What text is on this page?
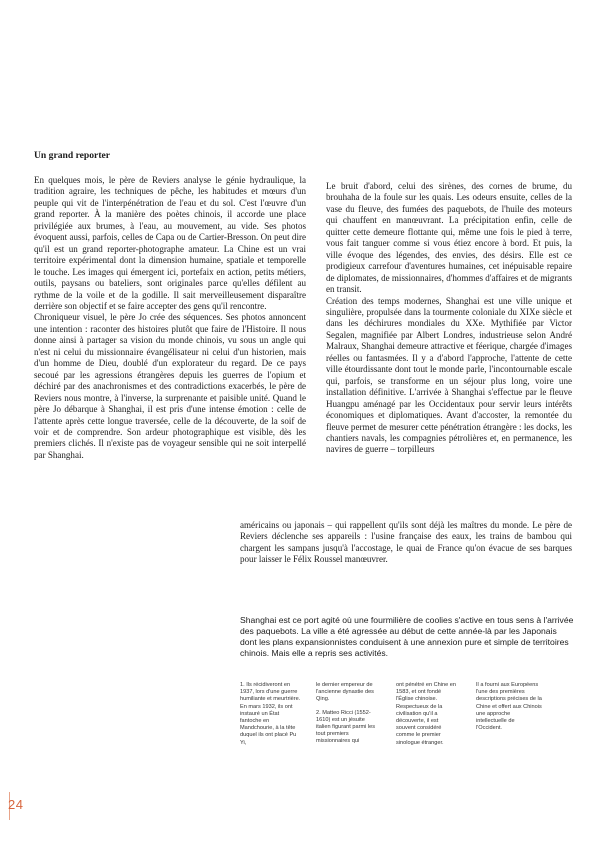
Un grand reporter

En quelques mois, le père de Reviers analyse le génie hydraulique, la tradition agraire, les techniques de pêche, les habitudes et mœurs d'un peuple qui vit de l'interpénétration de l'eau et du sol. C'est l'œuvre d'un grand reporter. À la manière des poètes chinois, il accorde une place privilégiée aux brumes, à l'eau, au mouvement, au vide. Ses photos évoquent aussi, parfois, celles de Capa ou de Cartier-Bresson. On peut dire qu'il est un grand reporter-photographe amateur. La Chine est un vrai territoire expérimental dont la dimension humaine, spatiale et temporelle le touche. Les images qui émergent ici, portefaix en action, petits métiers, outils, paysans ou bateliers, sont originales parce qu'elles défilent au rythme de la voile et de la godille. Il sait merveilleusement disparaître derrière son objectif et se faire accepter des gens qu'il rencontre.

Chroniqueur visuel, le père Jo crée des séquences. Ses photos annoncent une intention : raconter des histoires plutôt que faire de l'Histoire. Il nous donne ainsi à partager sa vision du monde chinois, vu sous un angle qui n'est ni celui du missionnaire évangélisateur ni celui d'un historien, mais d'un homme de Dieu, doublé d'un explorateur du regard. De ce pays secoué par les agressions étrangères depuis les guerres de l'opium et déchiré par des anachronismes et des contradictions exacerbés, le père de Reviers nous montre, à l'inverse, la surprenante et paisible unité. Quand le père Jo débarque à Shanghai, il est pris d'une intense émotion : celle de l'attente après cette longue traversée, celle de la découverte, de la soif de voir et de comprendre. Son ardeur photographique est visible, dès les premiers clichés. Il n'existe pas de voyageur sensible qui ne soit interpellé par Shanghai.

Le bruit d'abord, celui des sirènes, des cornes de brume, du brouhaha de la foule sur les quais. Les odeurs ensuite, celles de la vase du fleuve, des fumées des paquebots, de l'huile des moteurs qui chauffent en manœuvrant. La précipitation enfin, celle de quitter cette demeure flottante qui, même une fois le pied à terre, vous fait tanguer comme si vous étiez encore à bord. Et puis, la ville évoque des légendes, des envies, des désirs. Elle est ce prodigieux carrefour d'aventures humaines, cet inépuisable repaire de diplomates, de missionnaires, d'hommes d'affaires et de migrants en transit.

Création des temps modernes, Shanghai est une ville unique et singulière, propulsée dans la tourmente coloniale du XIXe siècle et dans les déchirures mondiales du XXe. Mythifiée par Victor Segalen, magnifiée par Albert Londres, industrieuse selon André Malraux, Shanghai demeure attractive et féerique, chargée d'images réelles ou fantasmées. Il y a d'abord l'approche, l'attente de cette ville étourdissante dont tout le monde parle, l'incontournable escale qui, parfois, se transforme en un séjour plus long, voire une installation définitive. L'arrivée à Shanghai s'effectue par le fleuve Huangpu aménagé par les Occidentaux pour servir leurs intérêts économiques et diplomatiques. Avant d'accoster, la remontée du fleuve permet de mesurer cette pénétration étrangère : les docks, les chantiers navals, les compagnies pétrolières et, en permanence, les navires de guerre – torpilleurs

américains ou japonais – qui rappellent qu'ils sont déjà les maîtres du monde. Le père de Reviers déclenche ses appareils : l'usine française des eaux, les trains de bambou qui chargent les sampans jusqu'à l'accostage, le quai de France qu'on évacue de ses barques pour laisser le Félix Roussel manœuvrer.

Shanghai est ce port agité où une fourmilière de coolies s'active en tous sens à l'arrivée des paquebots. La ville a été agressée au début de cette année-là par les Japonais dont les plans expansionnistes conduisent à une annexion pure et simple de territoires chinois. Mais elle a repris ses activités.

1. Ils récidiveront en 1937, lors d'une guerre humiliante et meurtrière.

En mars 1932, ils ont instauré un État fantoche en Mandchourie, à la tête duquel ils ont placé Pu Yi,

le dernier empereur de l'ancienne dynastie des Qing.

2. Matteo Ricci (1552-1610) est un jésuite italien figurant parmi les tout premiers missionnaires qui

ont pénétré en Chine en 1583, et ont fondé l'Église chinoise. Respectueux de la civilisation qu'il a découverte, il est souvent considéré comme le premier sinologue étranger.

Il a fourni aux Européens l'une des premières descriptions précises de la Chine et offert aux Chinois une approche intellectuelle de l'Occident.

24
